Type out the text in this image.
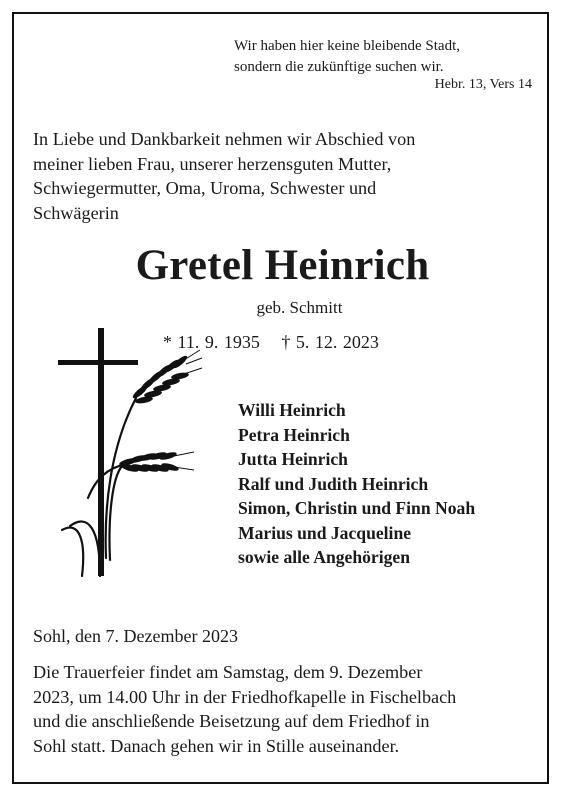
Wir haben hier keine bleibende Stadt,
sondern die zukünftige suchen wir.
Hebr. 13, Vers 14
In Liebe und Dankbarkeit nehmen wir Abschied von
meiner lieben Frau, unserer herzensguten Mutter,
Schwiegermutter, Oma, Uroma, Schwester und
Schwägerin
Gretel Heinrich
geb. Schmitt
* 11. 9. 1935 † 5. 12. 2023
Willi Heinrich
Petra Heinrich
Jutta Heinrich
Ralf und Judith Heinrich
Simon, Christin und Finn Noah
Marius und Jacqueline
sowie alle Angehörigen
Sohl, den 7. Dezember 2023
Die Trauerfeier findet am Samstag, dem 9. Dezember
2023, um 14.00 Uhr in der Friedhofkapelle in Fischelbach
und die anschließende Beisetzung auf dem Friedhof in
Sohl statt. Danach gehen wir in Stille auseinander.
